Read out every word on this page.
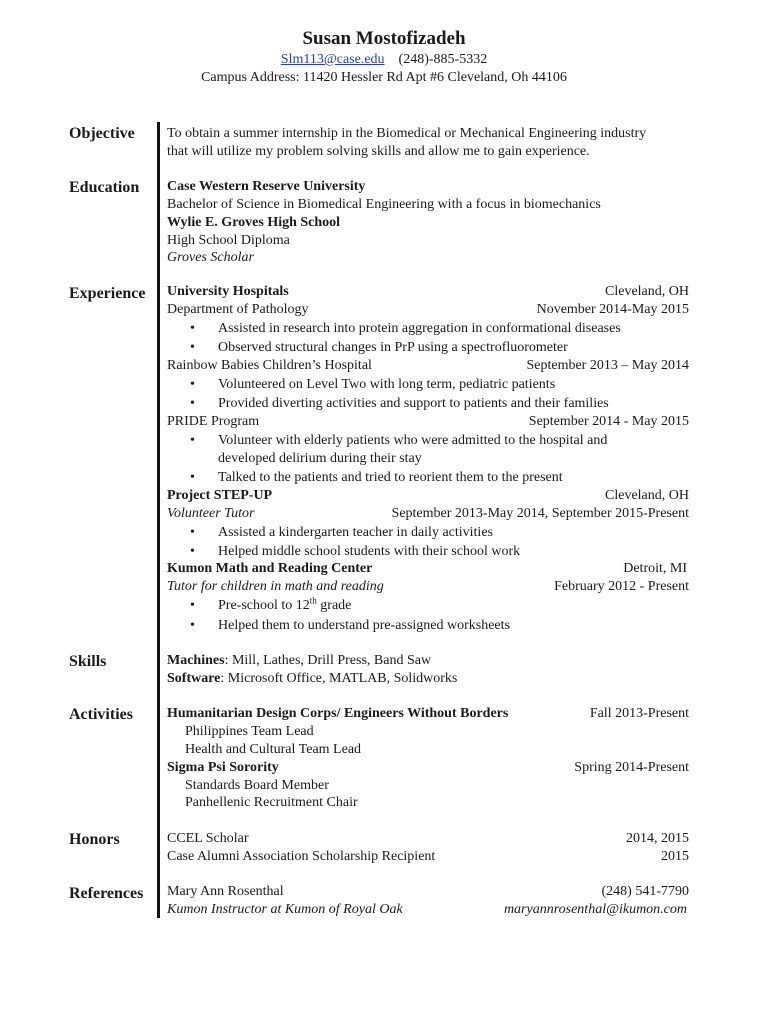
Susan Mostofizadeh
Slm113@case.edu (248)-885-5332
Campus Address: 11420 Hessler Rd Apt #6 Cleveland, Oh 44106
Objective To obtain a summer internship in the Biomedical or Mechanical Engineering industry
that will utilize my problem solving skills and allow me to gain experience.
Education Case Western Reserve University
Bachelor of Science in Biomedical Engineering with a focus in biomechanics
Wylie E. Groves High School
High School Diploma
Groves Scholar
Experience University Hospitals	Cleveland, OH
Department of Pathology	November 2014-May 2015
• Assisted in research into protein aggregation in conformational diseases
• Observed structural changes in PrP using a spectrofluorometer
Rainbow Babies Children’s Hospital	September 2013 – May 2014
• Volunteered on Level Two with long term, pediatric patients
• Provided diverting activities and support to patients and their families
PRIDE Program	September 2014 - May 2015
• Volunteer with elderly patients who were admitted to the hospital and
developed delirium during their stay
• Talked to the patients and tried to reorient them to the present
Project STEP-UP	Cleveland, OH
Volunteer Tutor	September 2013-May 2014, September 2015-Present
• Assisted a kindergarten teacher in daily activities
• Helped middle school students with their school work
Kumon Math and Reading Center	Detroit, MI
Tutor for children in math and reading	February 2012 - Present
• Pre-school to 12th grade
• Helped them to understand pre-assigned worksheets
Skills	Machines: Mill, Lathes, Drill Press, Band Saw
Software: Microsoft Office, MATLAB, Solidworks
Activities Humanitarian Design Corps/ Engineers Without Borders	Fall 2013-Present
Philippines Team Lead
Health and Cultural Team Lead
Sigma Psi Sorority	Spring 2014-Present
Standards Board Member
Panhellenic Recruitment Chair
Honors	CCEL Scholar	2014, 2015
Case Alumni Association Scholarship Recipient	2015
References Mary Ann Rosenthal	(248) 541-7790
Kumon Instructor at Kumon of Royal Oak	maryannrosenthal@ikumon.com
